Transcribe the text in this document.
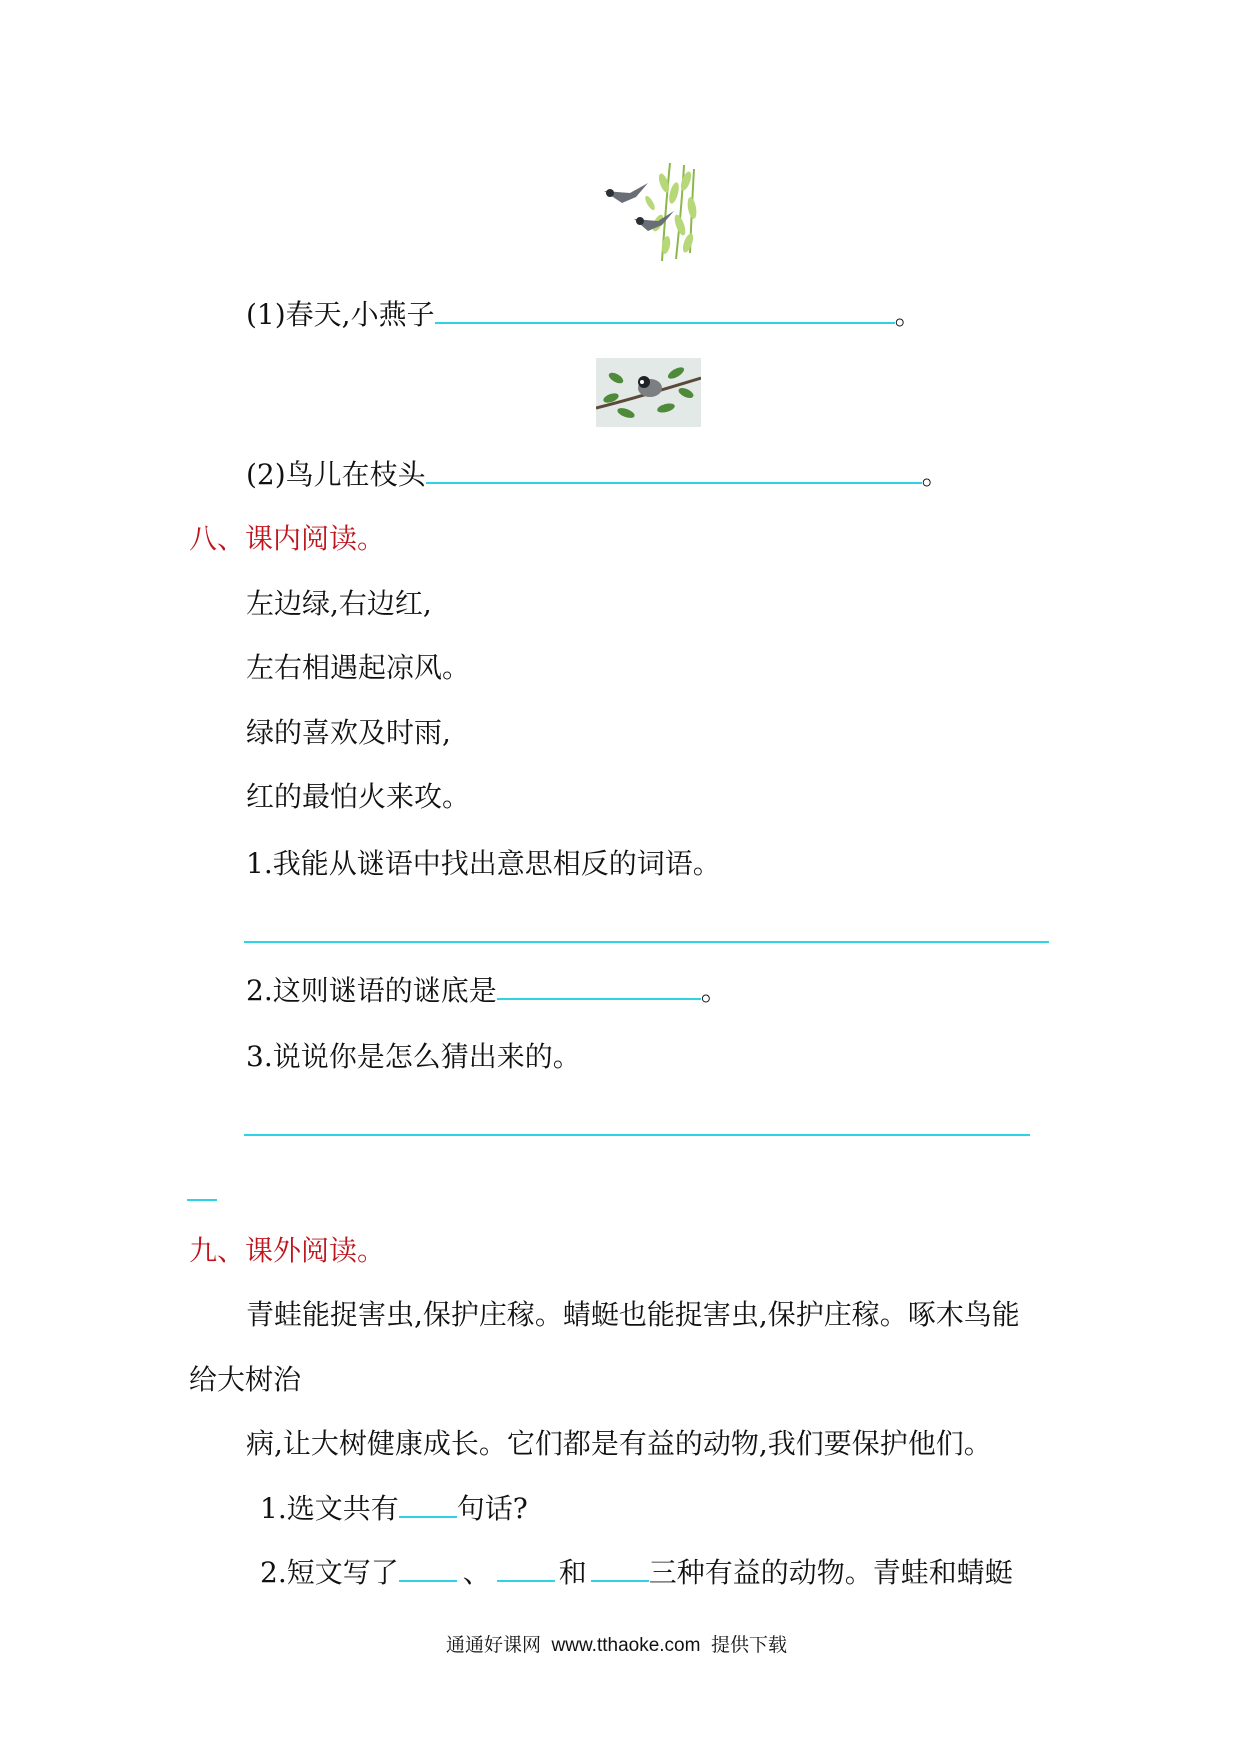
(1)春天,小燕子	。
(2)鸟儿在枝头	。
八、课内阅读。
左边绿,右边红,
左右相遇起凉风。
绿的喜欢及时雨,
红的最怕火来攻。
1.我能从谜语中找出意思相反的词语。
2.这则谜语的谜底是	。
3.说说你是怎么猜出来的。
九、课外阅读。
青蛙能捉害虫,保护庄稼。蜻蜓也能捉害虫,保护庄稼。啄木鸟能
给大树治
病,让大树健康成长。它们都是有益的动物,我们要保护他们。
1.选文共有 句话?
2.短文写了 、 和 三种有益的动物。青蛙和蜻蜓
通通好课网  www.tthaoke.com  提供下载
